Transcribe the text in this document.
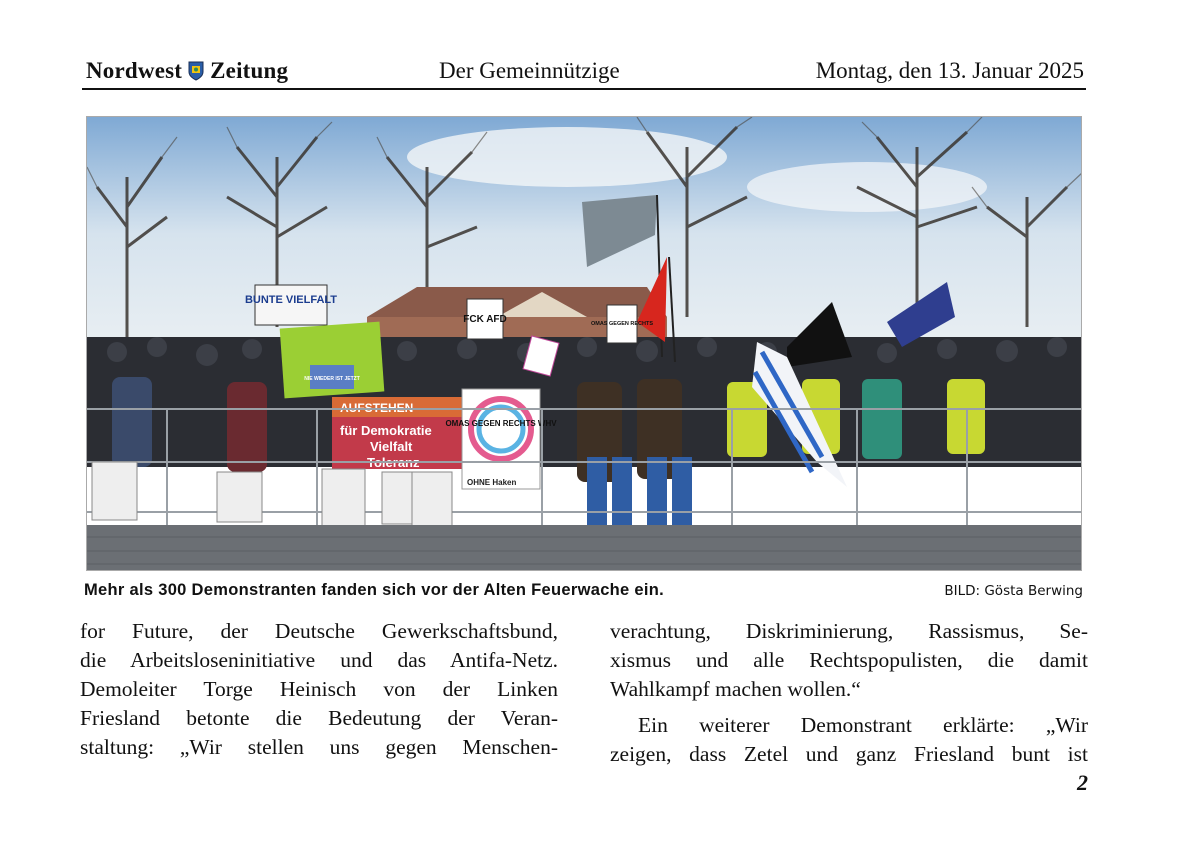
Nordwest Zeitung	Der Gemeinnützige	Montag, den 13. Januar 2025
BUNTE VIELFALT
FCK AFD	OMAS GEGEN RECHTS
NIE WIEDER IST JETZT
AUFSTEHEN
für Demokratie
Vielfalt
Toleranz
OMAS GEGEN RECHTS WHV
OHNE Haken
Mehr als 300 Demonstranten fanden sich vor der Alten Feuerwache ein.	BILD: Gösta Berwing

for Future, der Deutsche Gewerkschaftsbund,
die Arbeitsloseninitiative und das Antifa-Netz.
Demoleiter Torge Heinisch von der Linken
Friesland betonte die Bedeutung der Veran-
staltung: „Wir stellen uns gegen Menschen-

verachtung, Diskriminierung, Rassismus, Se-
xismus und alle Rechtspopulisten, die damit
Wahlkampf machen wollen.“

Ein weiterer Demonstrant erklärte: „Wir
zeigen, dass Zetel und ganz Friesland bunt ist

2
